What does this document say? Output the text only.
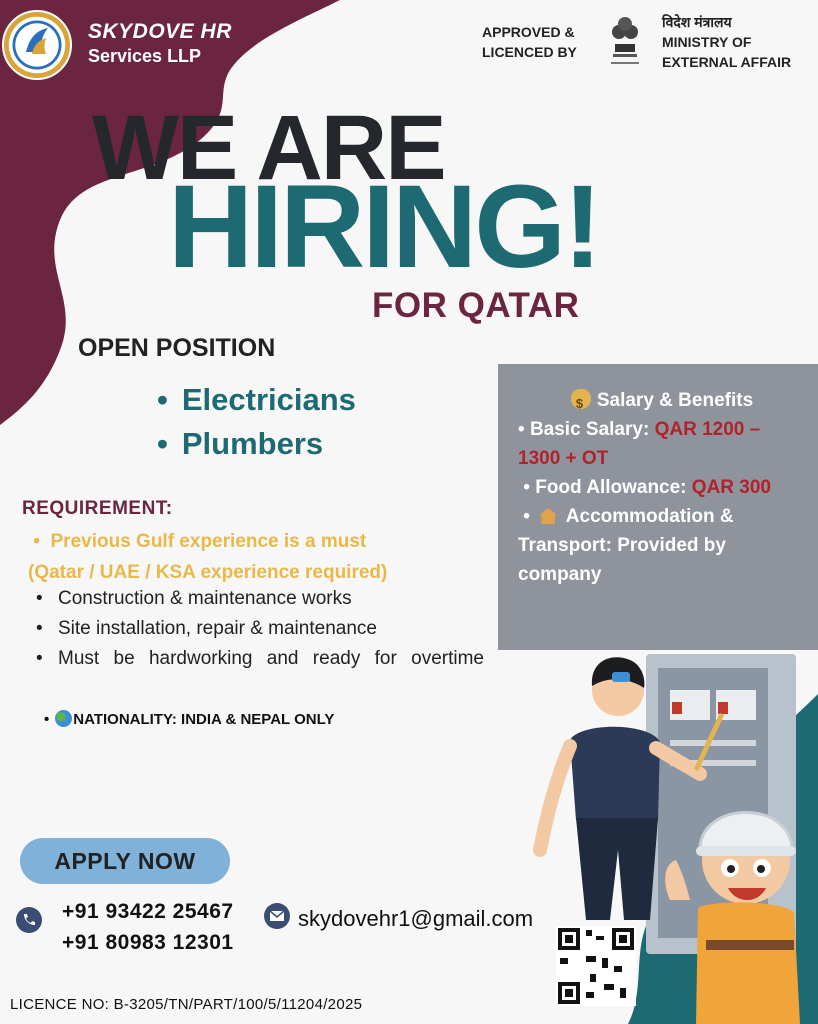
SKYDOVE HR
Services LLP
APPROVED &
LICENCED BY
विदेश मंत्रालय
MINISTRY OF
EXTERNAL AFFAIR
WE ARE
HIRING!
FOR QATAR
OPEN POSITION
• Electricians
• Plumbers
REQUIREMENT:
•  Previous Gulf experience is a must
(Qatar / UAE / KSA experience required)
• Construction & maintenance works
• Site installation, repair & maintenance
• Must be hardworking and ready for overtime
• NATIONALITY: INDIA & NEPAL ONLY
$Salary & Benefits

• Basic Salary: QAR 1200 – 1300 + OT

• Food Allowance: QAR 300

•  Accommodation & Transport: Provided by company

APPLY NOW
+91 93422 25467
+91 80983 12301
skydovehr1@gmail.com
LICENCE NO: B-3205/TN/PART/100/5/11204/2025
